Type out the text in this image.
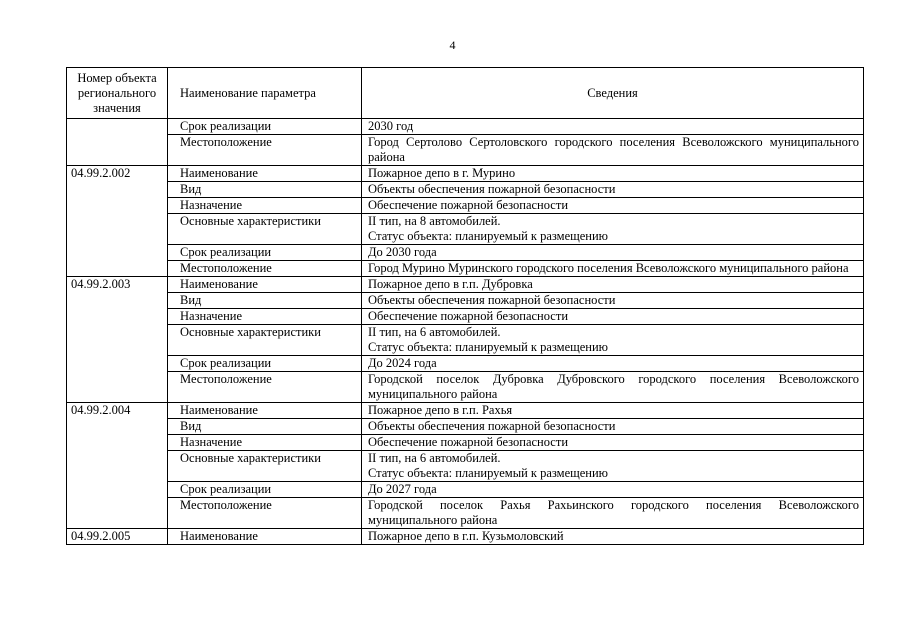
4
Номер объекта регионального значения	Наименование параметра	Сведения
	Срок реализации	2030 год

	Местоположение	Город Сертолово Сертоловского городского поселения Всеволожского муниципального района

04.99.2.002	Наименование	Пожарное депо в г. Мурино

	Вид	Объекты обеспечения пожарной безопасности

	Назначение	Обеспечение пожарной безопасности

	Основные характеристики	II тип, на 8 автомобилей.
Статус объекта: планируемый к размещению

	Срок реализации	До 2030 года

	Местоположение	Город Мурино Муринского городского поселения Всеволожского муниципального района

04.99.2.003	Наименование	Пожарное депо в г.п. Дубровка

	Вид	Объекты обеспечения пожарной безопасности

	Назначение	Обеспечение пожарной безопасности

	Основные характеристики	II тип, на 6 автомобилей.
Статус объекта: планируемый к размещению

	Срок реализации	До 2024 года

	Местоположение	Городской поселок Дубровка Дубровского городского поселения Всеволожского муниципального района

04.99.2.004	Наименование	Пожарное депо в г.п. Рахья

	Вид	Объекты обеспечения пожарной безопасности

	Назначение	Обеспечение пожарной безопасности

	Основные характеристики	II тип, на 6 автомобилей.
Статус объекта: планируемый к размещению

	Срок реализации	До 2027 года

	Местоположение	Городской поселок Рахья Рахьинского городского поселения Всеволожского муниципального района

04.99.2.005	Наименование	Пожарное депо в г.п. Кузьмоловский
